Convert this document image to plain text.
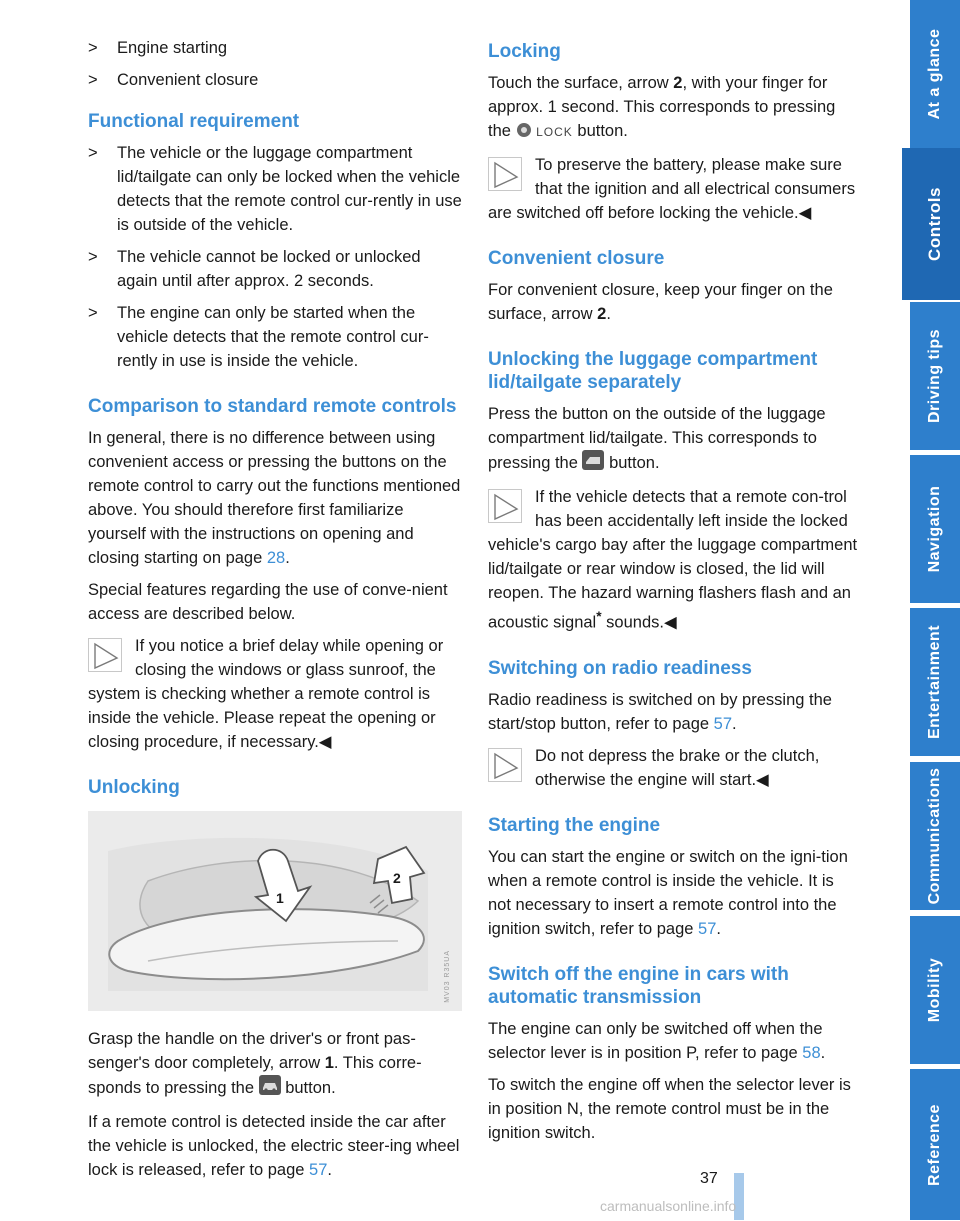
>	Engine starting
>	Convenient closure
Functional requirement
>	The vehicle or the luggage compartment lid/tailgate can only be locked when the vehicle detects that the remote control cur-rently in use is outside of the vehicle.
>	The vehicle cannot be locked or unlocked again until after approx. 2 seconds.
>	The engine can only be started when the vehicle detects that the remote control cur-rently in use is inside the vehicle.
Comparison to standard remote controls

In general, there is no difference between using convenient access or pressing the buttons on the remote control to carry out the functions mentioned above. You should therefore first familiarize yourself with the instructions on opening and closing starting on page 28.

Special features regarding the use of conve-nient access are described below.

If you notice a brief delay while opening or closing the windows or glass sunroof, the system is checking whether a remote control is inside the vehicle. Please repeat the opening or closing procedure, if necessary.◀
Unlocking
1
2
MV03 R35UA

Grasp the handle on the driver's or front pas-senger's door completely, arrow 1. This corre-sponds to pressing the  button.

If a remote control is detected inside the car after the vehicle is unlocked, the electric steer-ing wheel lock is released, refer to page 57.

Locking

Touch the surface, arrow 2, with your finger for approx. 1 second. This corresponds to pressing the  LOCK button.

To preserve the battery, please make sure that the ignition and all electrical consumers are switched off before locking the vehicle.◀
Convenient closure

For convenient closure, keep your finger on the surface, arrow 2.

Unlocking the luggage compartment lid/tailgate separately

Press the button on the outside of the luggage compartment lid/tailgate. This corresponds to pressing the  button.

If the vehicle detects that a remote con-trol has been accidentally left inside the locked vehicle's cargo bay after the luggage compartment lid/tailgate or rear window is closed, the lid will reopen. The hazard warning flashers flash and an acoustic signal* sounds.◀
Switching on radio readiness

Radio readiness is switched on by pressing the start/stop button, refer to page 57.

Do not depress the brake or the clutch, otherwise the engine will start.◀
Starting the engine

You can start the engine or switch on the igni-tion when a remote control is inside the vehicle. It is not necessary to insert a remote control into the ignition switch, refer to page 57.

Switch off the engine in cars with automatic transmission

The engine can only be switched off when the selector lever is in position P, refer to page 58.

To switch the engine off when the selector lever is in position N, the remote control must be in the ignition switch.

At a glance
Controls
Driving tips
Navigation
Entertainment
Communications
Mobility
Reference
37
carmanualsonline.info
